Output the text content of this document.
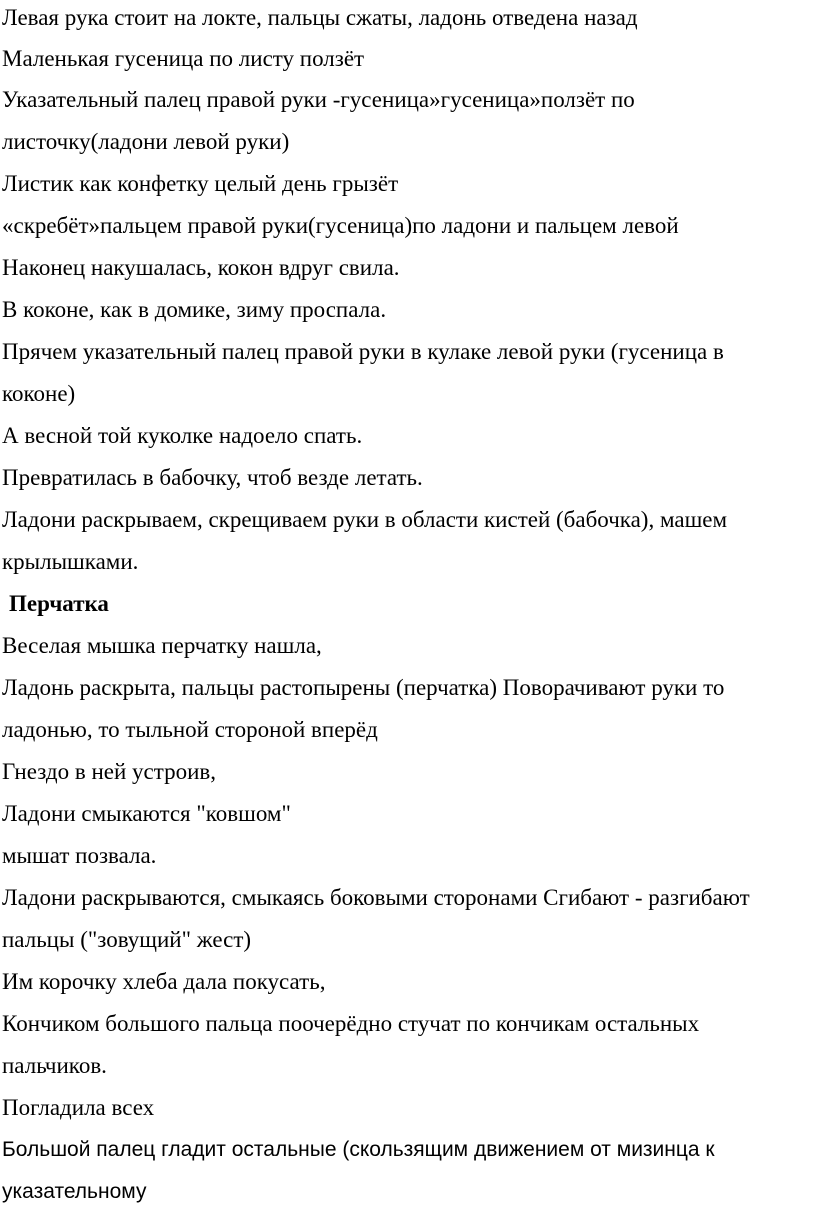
Левая рука стоит на локте, пальцы сжаты, ладонь отведена назад
Маленькая гусеница по листу ползёт
Указательный палец правой руки -гусеница»гусеница»ползёт по
листочку(ладони левой руки)
Листик как конфетку целый день грызёт
«скребёт»пальцем правой руки(гусеница)по ладони и пальцем левой
Наконец накушалась, кокон вдруг свила.
В коконе, как в домике, зиму проспала.
Прячем указательный палец правой руки в кулаке левой руки (гусеница в
коконе)
А весной той куколке надоело спать.
Превратилась в бабочку, чтоб везде летать.
Ладони раскрываем, скрещиваем руки в области кистей (бабочка), машем
крылышками.
Перчатка
Веселая мышка перчатку нашла,
Ладонь раскрыта, пальцы растопырены (перчатка) Поворачивают руки то
ладонью, то тыльной стороной вперёд
Гнездо в ней устроив,
Ладони смыкаются "ковшом"
мышат позвала.
Ладони раскрываются, смыкаясь боковыми сторонами Сгибают - разгибают
пальцы ("зовущий" жест)
Им корочку хлеба дала покусать,
Кончиком большого пальца поочерёдно стучат по кончикам остальных
пальчиков.
Погладила всех
Большой палец гладит остальные (скользящим движением от мизинца к
указательному
